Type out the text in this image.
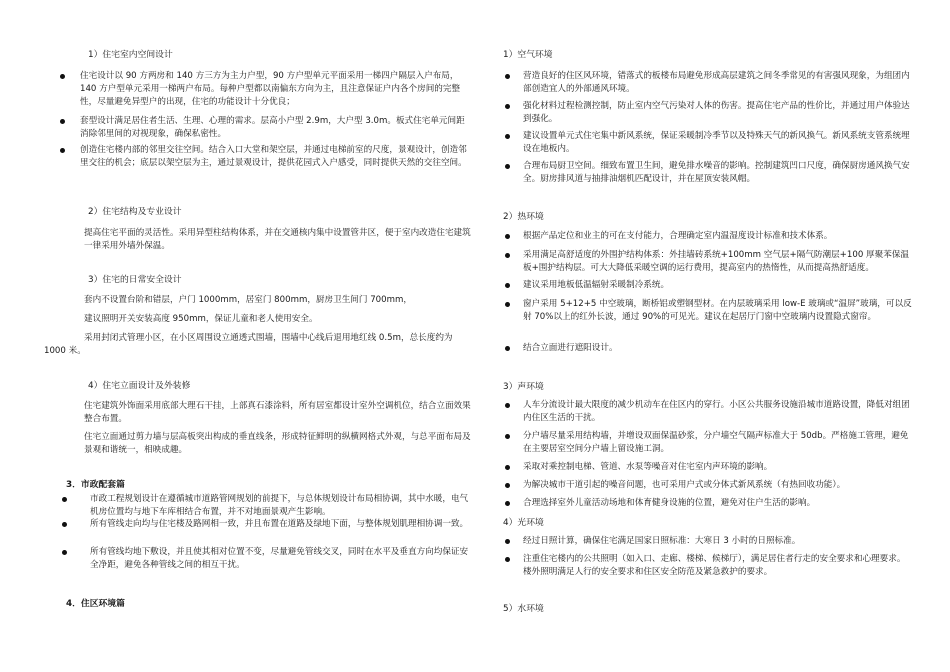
1）住宅室内空间设计
住宅设计以 90 方两房和 140 方三方为主力户型，90 方户型单元平面采用一梯四户隔层入户布局，140 方户型单元采用一梯两户布局。每种户型都以南偏东方向为主，且注意保证户内各个房间的完整性，尽量避免异型户的出现，住宅的功能设计十分优良；
套型设计满足居住者生活、生理、心理的需求。层高小户型 2.9m，大户型 3.0m。板式住宅单元间距消除邻里间的对视现象，确保私密性。
创造住宅楼内部的邻里交往空间。结合入口大堂和架空层，并通过电梯前室的尺度，景观设计，创造邻里交往的机会；底层以架空层为主，通过景观设计，提供花园式入户感受，同时提供天然的交往空间。
2）住宅结构及专业设计
提高住宅平面的灵活性。采用异型柱结构体系，并在交通核内集中设置管井区，便于室内改造住宅建筑一律采用外墙外保温。
3）住宅的日常安全设计
套内不设置台阶和错层，户门 1000mm，居室门 800mm，厨房卫生间门 700mm，
建议照明开关安装高度 950mm，保证儿童和老人使用安全。
采用封闭式管理小区，在小区周围设立通透式围墙，围墙中心线后退用地红线 0.5m，总长度约为 1000 米。
4）住宅立面设计及外装修
住宅建筑外饰面采用底部大理石干挂，上部真石漆涂料，所有居室都设计室外空调机位，结合立面效果整合布置。
住宅立面通过剪力墙与层高板突出构成的垂直线条，形成特征鲜明的纵横网格式外观，与总平面布局及景观和谐统一，相映成趣。
3．市政配套篇
市政工程规划设计在遵循城市道路管网规划的前提下，与总体规划设计布局相协调，其中水暖，电气机房位置均与地下车库相结合布置，并不对地面景观产生影响。
所有管线走向均与住宅楼及路网相一致，并且布置在道路及绿地下面，与整体规划肌理相协调一致。
所有管线均地下敷设，并且使其相对位置不变，尽量避免管线交叉，同时在水平及垂直方向均保证安全净距，避免各种管线之间的相互干扰。
4．住区环境篇
1）空气环境
营造良好的住区风环境，错落式的板楼布局避免形成高层建筑之间冬季常见的有害强风现象，为组团内部创造宜人的外部通风环境。
强化材料过程检测控制，防止室内空气污染对人体的伤害。提高住宅产品的性价比，并通过用户体验达到强化。
建议设置单元式住宅集中新风系统，保证采暖制冷季节以及特殊天气的新风换气。新风系统支管系统埋设在地板内。
合理布局厨卫空间。细致布置卫生间，避免排水噪音的影响。控制建筑凹口尺度，确保厨房通风换气安全。厨房排风道与抽排油烟机匹配设计，并在屋顶安装风帽。
2）热环境
根据产品定位和业主的可在支付能力，合理确定室内温湿度设计标准和技术体系。
采用满足高舒适度的外围护结构体系：外挂墙砖系统+100mm 空气层+隔气防潮层+100 厚聚苯保温板+围护结构层。可大大降低采暖空调的运行费用，提高室内的热惰性，从而提高热舒适度。
建议采用地板低温辐射采暖制冷系统。
窗户采用 5+12+5 中空玻璃，断桥铝或塑钢型材。在内层玻璃采用 low-E 玻璃或“温屏”玻璃，可以反射 70%以上的红外长波，通过 90%的可见光。建议在起居厅门窗中空玻璃内设置隐式窗帘。
结合立面进行遮阳设计。
3）声环境
人车分流设计最大限度的减少机动车在住区内的穿行。小区公共服务设施沿城市道路设置，降低对组团内住区生活的干扰。
分户墙尽量采用结构墙，并增设双面保温砂浆，分户墙空气隔声标准大于 50db。严格施工管理，避免在主要居室空间分户墙上留设施工洞。
采取对乘控制电梯、管道、水泵等噪音对住宅室内声环境的影响。
为解决城市干道引起的噪音问题，也可采用户式或分体式新风系统（有热回收功能）。
合理选择室外儿童活动场地和体育健身设施的位置，避免对住户生活的影响。
4）光环境
经过日照计算，确保住宅满足国家日照标准：大寒日 3 小时的日照标准。
注重住宅楼内的公共照明（如入口、走廊、楼梯、候梯厅），满足居住者行走的安全要求和心理要求。楼外照明满足人行的安全要求和住区安全防范及紧急救护的要求。
5）水环境
